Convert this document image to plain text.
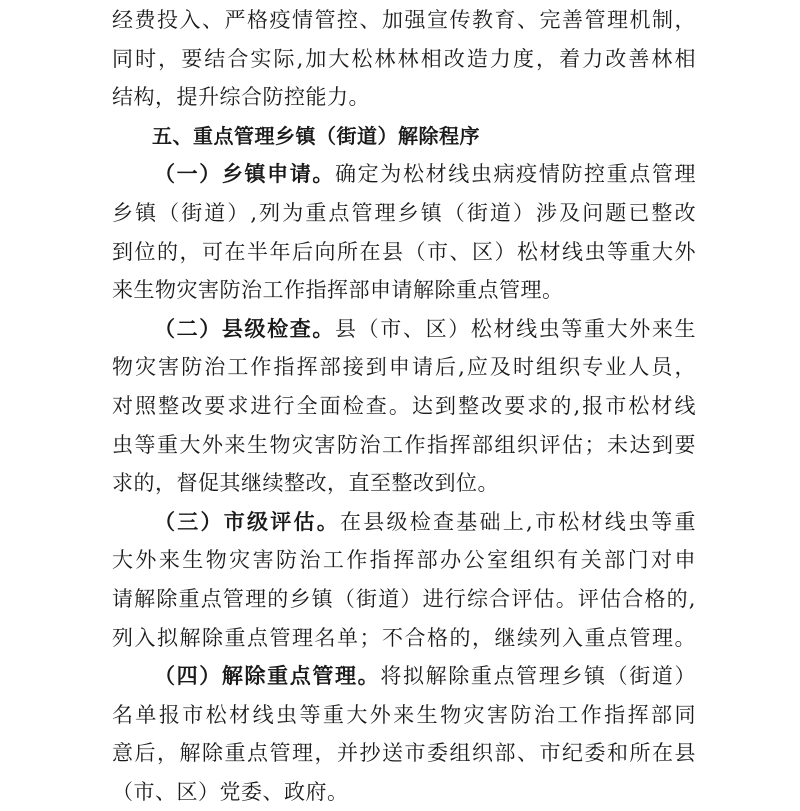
经费投入、严格疫情管控、加强宣传教育、完善管理机制，
同时，要结合实际,加大松林林相改造力度，着力改善林相
结构，提升综合防控能力。
五、重点管理乡镇（街道）解除程序
（一）乡镇申请。确定为松材线虫病疫情防控重点管理
乡镇（街道）,列为重点管理乡镇（街道）涉及问题已整改
到位的，可在半年后向所在县（市、区）松材线虫等重大外
来生物灾害防治工作指挥部申请解除重点管理。
（二）县级检查。县（市、区）松材线虫等重大外来生
物灾害防治工作指挥部接到申请后,应及时组织专业人员，
对照整改要求进行全面检查。达到整改要求的,报市松材线
虫等重大外来生物灾害防治工作指挥部组织评估；未达到要
求的，督促其继续整改，直至整改到位。
（三）市级评估。在县级检查基础上,市松材线虫等重
大外来生物灾害防治工作指挥部办公室组织有关部门对申
请解除重点管理的乡镇（街道）进行综合评估。评估合格的,
列入拟解除重点管理名单；不合格的，继续列入重点管理。
（四）解除重点管理。将拟解除重点管理乡镇（街道）
名单报市松材线虫等重大外来生物灾害防治工作指挥部同
意后，解除重点管理，并抄送市委组织部、市纪委和所在县
（市、区）党委、政府。
